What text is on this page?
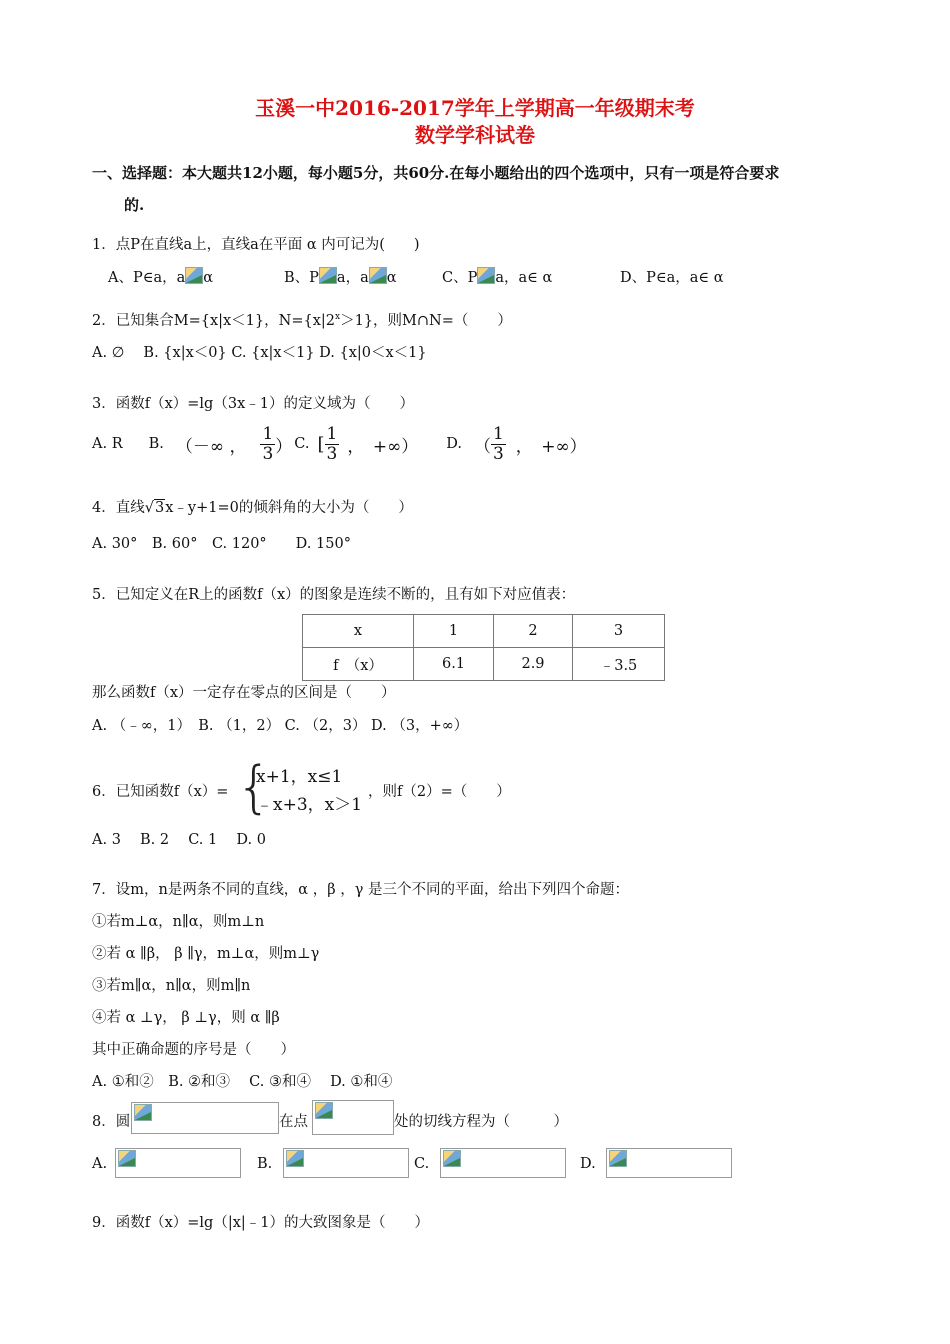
玉溪一中2016-2017学年上学期高一年级期末考
数学学科试卷
一、选择题：本大题共12小题，每小题5分，共60分.在每小题给出的四个选项中，只有一项是符合要求
的.
1．点P在直线a上，直线a在平面 α 内可记为(　　)
A、P∈a，a α	B、P a，a α	C、P a，a∈ α	D、P∈a，a∈ α
2．已知集合M={x|x＜1}，$N=\{x|2^x>1\}$，则M∩N=（　　）
A. ∅　 B. {x|x＜0} C. {x|x＜1} D. {x|0＜x＜1}
3．函数f（x）=lg（3x﹣1）的定义域为（　　）
A. R B. （－∞ ， $\frac{1}{3}$ ） C. [ $\frac{1}{3}$ ，　+∞） D. （ $\frac{1}{3}$ ，　+∞）
4．直线√3x﹣y+1=0的倾斜角的大小为（　　）
A. 30°　B. 60°　C. 120°　　D. 150°
5．已知定义在R上的函数f（x）的图象是连续不断的，且有如下对应值表：
x	1	2	3
f　（x）	6.1	2.9	﹣3.5
那么函数f（x）一定存在零点的区间是（　　）
A. （﹣∞，1）　B. （1，2） C. （2，3） D. （3，+∞）
6．已知函数f（x）= {
x+1，x≤1
﹣x+3，x＞1
，则f（2）=（　　）
A. 3　 B. 2　 C. 1　 D. 0
7．设m，n是两条不同的直线，α ，β ，γ 是三个不同的平面，给出下列四个命题：
①若m⊥α，n∥α，则m⊥n
②若 α ∥β， β ∥γ，m⊥α，则m⊥γ
③若m∥α，n∥α，则m∥n
④若 α ⊥γ， β ⊥γ，则 α ∥β
其中正确命题的序号是（　　）
A. ①和②　B. ②和③　 C. ③和④　 D. ①和④
8．圆	在点	处的切线方程为（　　　）
A.	B.	C.	D.
9．函数f（x）=lg（|x|﹣1）的大致图象是（　　）
